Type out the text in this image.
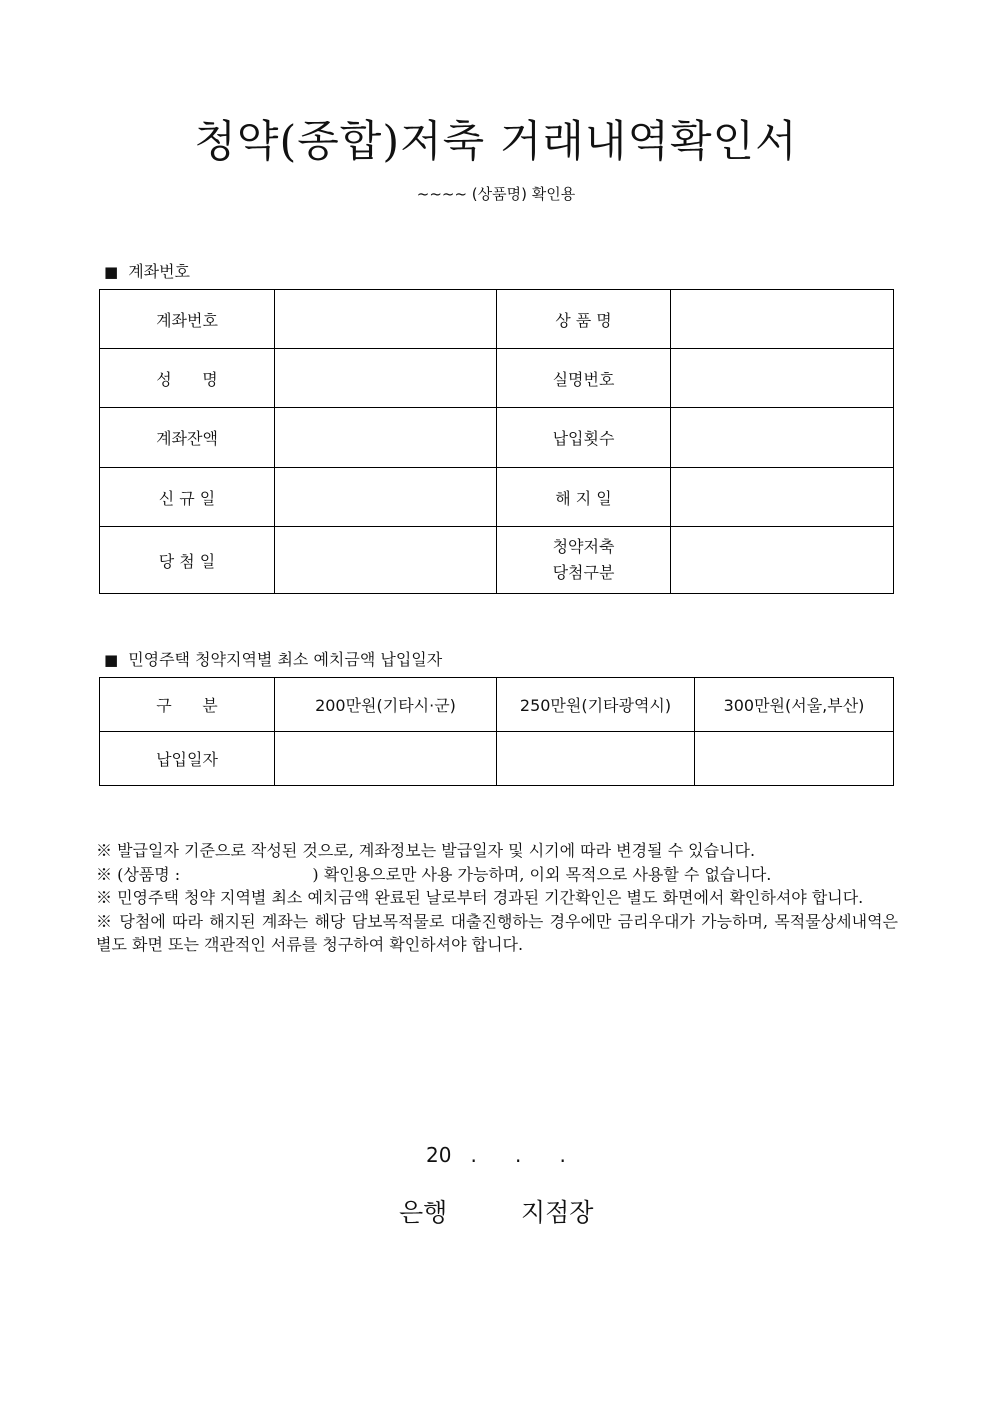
청약(종합)저축 거래내역확인서
~~~~ (상품명) 확인용
■ 계좌번호
계좌번호		상 품 명	
성      명		실명번호	
계좌잔액		납입횟수	
신 규 일		해 지 일	
당 첨 일		청약저축
당첨구분	
■ 민영주택 청약지역별 최소 예치금액 납입일자
구      분	200만원(기타시·군)	250만원(기타광역시)	300만원(서울,부산)
납입일자			

※ 발급일자 기준으로 작성된 것으로, 계좌정보는 발급일자 및 시기에 따라 변경될 수 있습니다.

※ (상품명 :                          ) 확인용으로만 사용 가능하며, 이외 목적으로 사용할 수 없습니다.

※ 민영주택 청약 지역별 최소 예치금액 완료된 날로부터 경과된 기간확인은 별도 화면에서 확인하셔야 합니다.

※ 당첨에 따라 해지된 계좌는 해당 담보목적물로 대출진행하는 경우에만 금리우대가 가능하며, 목적물상세내역은 별도 화면 또는 객관적인 서류를 청구하여 확인하셔야 합니다.

20   .      .      .
은행	지점장
